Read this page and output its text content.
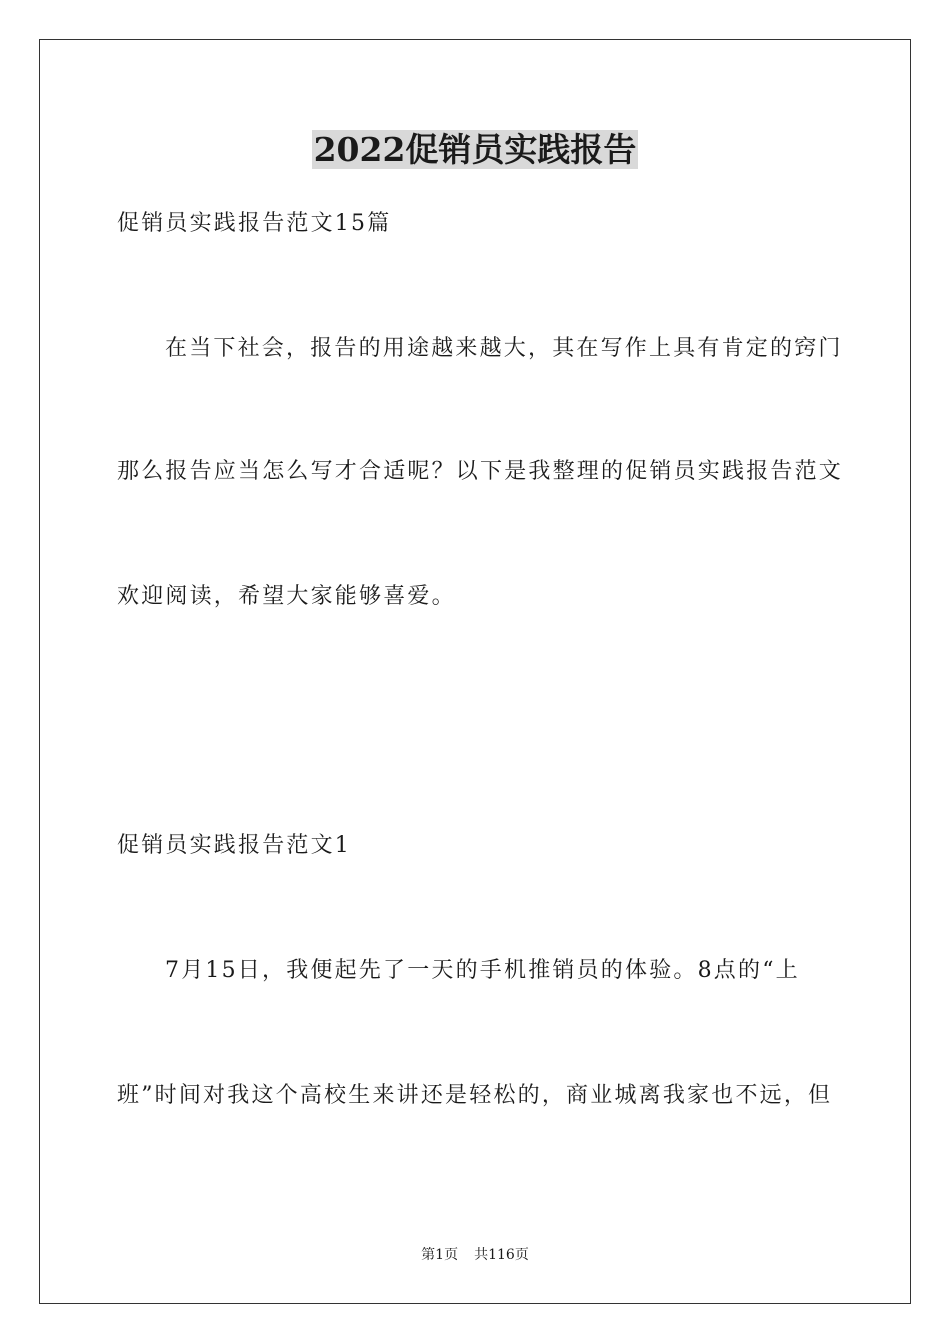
2022促销员实践报告

促销员实践报告范文15篇

在当下社会，报告的用途越来越大，其在写作上具有肯定的窍门

那么报告应当怎么写才合适呢？以下是我整理的促销员实践报告范文

欢迎阅读，希望大家能够喜爱。

促销员实践报告范文1

7月15日，我便起先了一天的手机推销员的体验。8点的“上

班”时间对我这个高校生来讲还是轻松的，商业城离我家也不远，但

第1页 共116页
